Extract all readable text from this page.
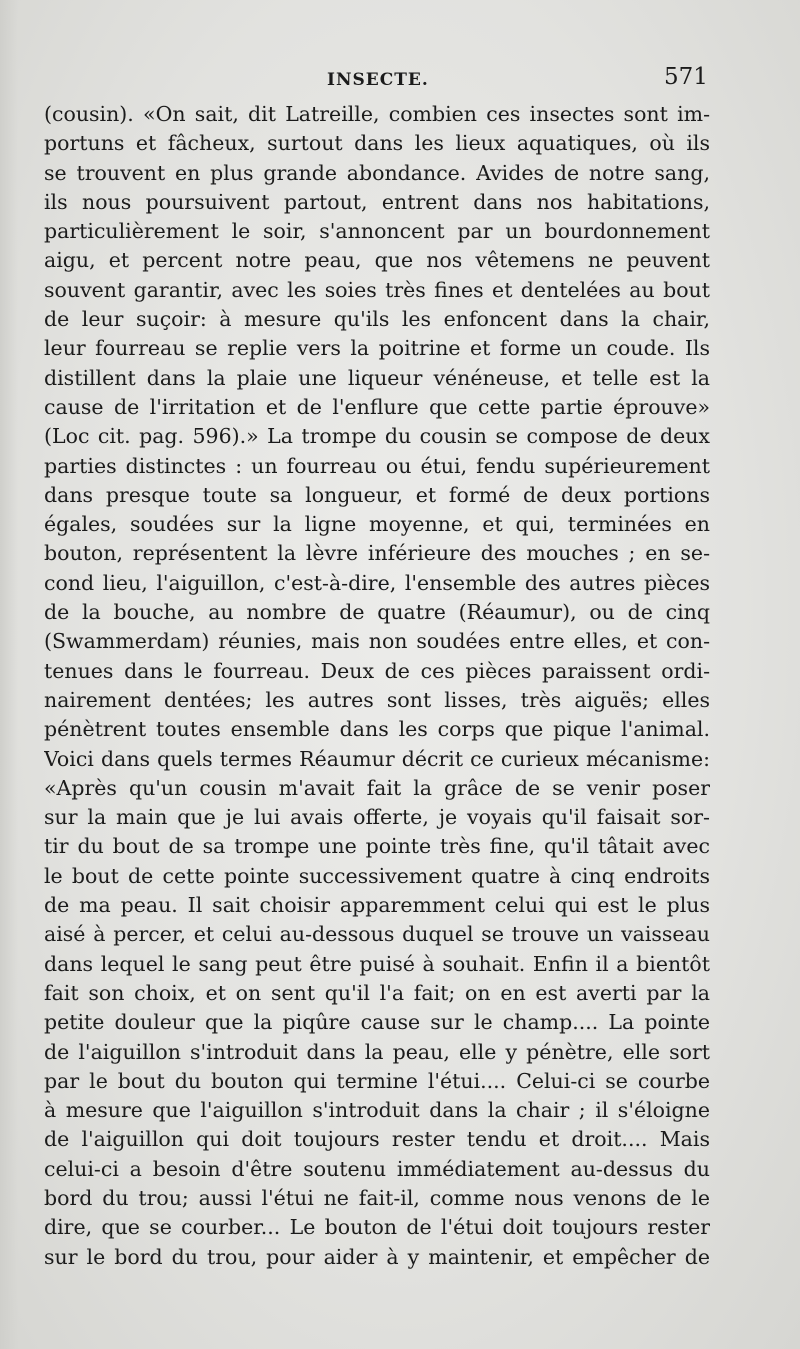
INSECTE.	571
(cousin). «On sait, dit Latreille, combien ces insectes sont im-
portuns et fâcheux, surtout dans les lieux aquatiques, où ils
se trouvent en plus grande abondance. Avides de notre sang,
ils nous poursuivent partout, entrent dans nos habitations,
particulièrement le soir, s'annoncent par un bourdonnement
aigu, et percent notre peau, que nos vêtemens ne peuvent
souvent garantir, avec les soies très fines et dentelées au bout
de leur suçoir: à mesure qu'ils les enfoncent dans la chair,
leur fourreau se replie vers la poitrine et forme un coude. Ils
distillent dans la plaie une liqueur vénéneuse, et telle est la
cause de l'irritation et de l'enflure que cette partie éprouve»
(Loc cit. pag. 596).» La trompe du cousin se compose de deux
parties distinctes : un fourreau ou étui, fendu supérieurement
dans presque toute sa longueur, et formé de deux portions
égales, soudées sur la ligne moyenne, et qui, terminées en
bouton, représentent la lèvre inférieure des mouches ; en se-
cond lieu, l'aiguillon, c'est-à-dire, l'ensemble des autres pièces
de la bouche, au nombre de quatre (Réaumur), ou de cinq
(Swammerdam) réunies, mais non soudées entre elles, et con-
tenues dans le fourreau. Deux de ces pièces paraissent ordi-
nairement dentées; les autres sont lisses, très aiguës; elles
pénètrent toutes ensemble dans les corps que pique l'animal.
Voici dans quels termes Réaumur décrit ce curieux mécanisme:
«Après qu'un cousin m'avait fait la grâce de se venir poser
sur la main que je lui avais offerte, je voyais qu'il faisait sor-
tir du bout de sa trompe une pointe très fine, qu'il tâtait avec
le bout de cette pointe successivement quatre à cinq endroits
de ma peau. Il sait choisir apparemment celui qui est le plus
aisé à percer, et celui au-dessous duquel se trouve un vaisseau
dans lequel le sang peut être puisé à souhait. Enfin il a bientôt
fait son choix, et on sent qu'il l'a fait; on en est averti par la
petite douleur que la piqûre cause sur le champ.... La pointe
de l'aiguillon s'introduit dans la peau, elle y pénètre, elle sort
par le bout du bouton qui termine l'étui.... Celui-ci se courbe
à mesure que l'aiguillon s'introduit dans la chair ; il s'éloigne
de l'aiguillon qui doit toujours rester tendu et droit.... Mais
celui-ci a besoin d'être soutenu immédiatement au-dessus du
bord du trou; aussi l'étui ne fait-il, comme nous venons de le
dire, que se courber... Le bouton de l'étui doit toujours rester
sur le bord du trou, pour aider à y maintenir, et empêcher de
